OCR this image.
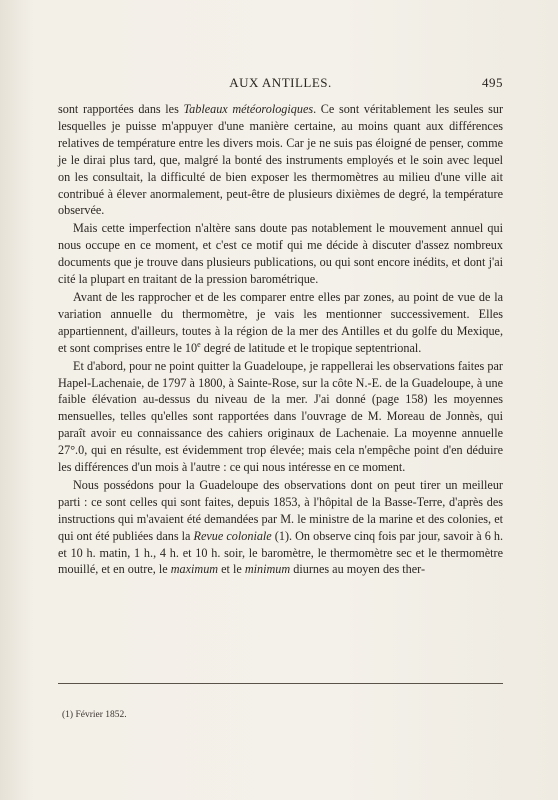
AUX ANTILLES.	495

sont rapportées dans les Tableaux météorologiques. Ce sont véritablement les seules sur lesquelles je puisse m'appuyer d'une manière certaine, au moins quant aux différences relatives de température entre les divers mois. Car je ne suis pas éloigné de penser, comme je le dirai plus tard, que, malgré la bonté des instruments employés et le soin avec lequel on les consultait, la difficulté de bien exposer les thermomètres au milieu d'une ville ait contribué à élever anormalement, peut-être de plusieurs dixièmes de degré, la température observée.

Mais cette imperfection n'altère sans doute pas notablement le mouvement annuel qui nous occupe en ce moment, et c'est ce motif qui me décide à discuter d'assez nombreux documents que je trouve dans plusieurs publications, ou qui sont encore inédits, et dont j'ai cité la plupart en traitant de la pression barométrique.

Avant de les rapprocher et de les comparer entre elles par zones, au point de vue de la variation annuelle du thermomètre, je vais les mentionner successivement. Elles appartiennent, d'ailleurs, toutes à la région de la mer des Antilles et du golfe du Mexique, et sont comprises entre le 10e degré de latitude et le tropique septentrional.

Et d'abord, pour ne point quitter la Guadeloupe, je rappellerai les observations faites par Hapel-Lachenaie, de 1797 à 1800, à Sainte-Rose, sur la côte N.-E. de la Guadeloupe, à une faible élévation au-dessus du niveau de la mer. J'ai donné (page 158) les moyennes mensuelles, telles qu'elles sont rapportées dans l'ouvrage de M. Moreau de Jonnès, qui paraît avoir eu connaissance des cahiers originaux de Lachenaie. La moyenne annuelle 27°.0, qui en résulte, est évidemment trop élevée; mais cela n'empêche point d'en déduire les différences d'un mois à l'autre : ce qui nous intéresse en ce moment.

Nous possédons pour la Guadeloupe des observations dont on peut tirer un meilleur parti : ce sont celles qui sont faites, depuis 1853, à l'hôpital de la Basse-Terre, d'après des instructions qui m'avaient été demandées par M. le ministre de la marine et des colonies, et qui ont été publiées dans la Revue coloniale (1). On observe cinq fois par jour, savoir à 6 h. et 10 h. matin, 1 h., 4 h. et 10 h. soir, le baromètre, le thermomètre sec et le thermomètre mouillé, et en outre, le maximum et le minimum diurnes au moyen des ther-

(1) Février 1852.
